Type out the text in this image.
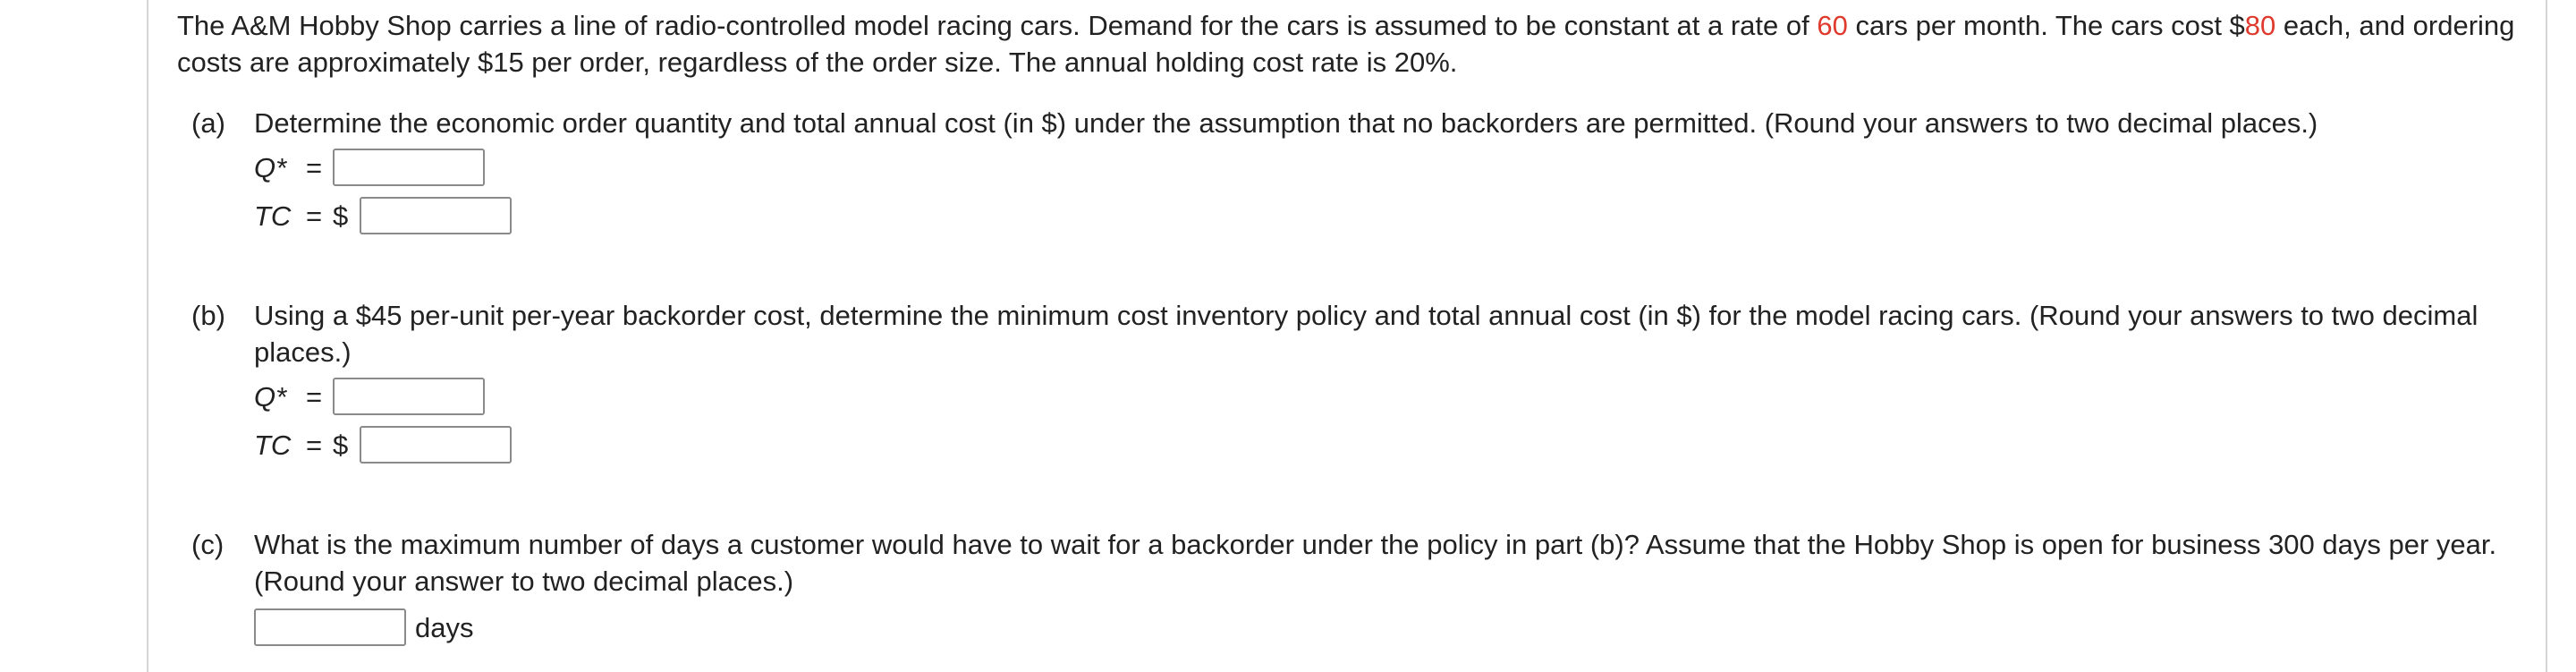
The A&M Hobby Shop carries a line of radio-controlled model racing cars. Demand for the cars is assumed to be constant at a rate of 60 cars per month. The cars cost $80 each, and ordering costs are approximately $15 per order, regardless of the order size. The annual holding cost rate is 20%.

(a) Determine the economic order quantity and total annual cost (in $) under the assumption that no backorders are permitted. (Round your answers to two decimal places.)

Q* =
TC = $
(b) Using a $45 per-unit per-year backorder cost, determine the minimum cost inventory policy and total annual cost (in $) for the model racing cars. (Round your answers to two decimal places.)

Q* =
TC = $
(c) What is the maximum number of days a customer would have to wait for a backorder under the policy in part (b)? Assume that the Hobby Shop is open for business 300 days per year. (Round your answer to two decimal places.)

days
